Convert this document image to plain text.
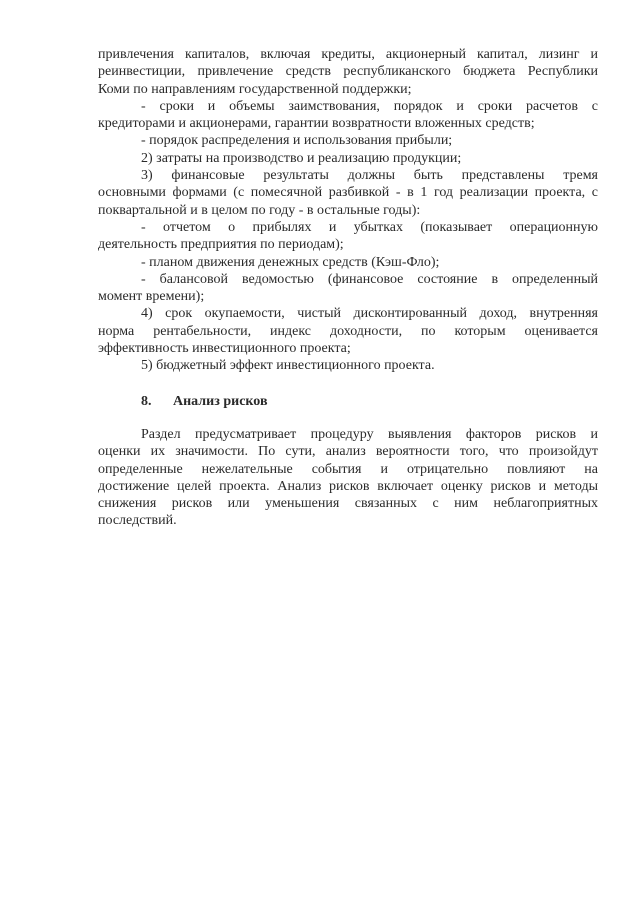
привлечения капиталов, включая кредиты, акционерный капитал, лизинг и
реинвестиции, привлечение средств республиканского бюджета Республики
Коми по направлениям государственной поддержки;
- сроки и объемы заимствования, порядок и сроки расчетов с
кредиторами и акционерами, гарантии возвратности вложенных средств;
- порядок распределения и использования прибыли;
2) затраты на производство и реализацию продукции;
3) финансовые результаты должны быть представлены тремя
основными формами (с помесячной разбивкой - в 1 год реализации проекта, с
поквартальной и в целом по году - в остальные годы):
- отчетом о прибылях и убытках (показывает операционную
деятельность предприятия по периодам);
- планом движения денежных средств (Кэш-Фло);
- балансовой ведомостью (финансовое состояние в определенный
момент времени);
4) срок окупаемости, чистый дисконтированный доход, внутренняя
норма рентабельности, индекс доходности, по которым оценивается
эффективность инвестиционного проекта;
5) бюджетный эффект инвестиционного проекта.
8. Анализ рисков
Раздел предусматривает процедуру выявления факторов рисков и
оценки их значимости. По сути, анализ вероятности того, что произойдут
определенные нежелательные события и отрицательно повлияют на
достижение целей проекта. Анализ рисков включает оценку рисков и методы
снижения рисков или уменьшения связанных с ним неблагоприятных
последствий.
